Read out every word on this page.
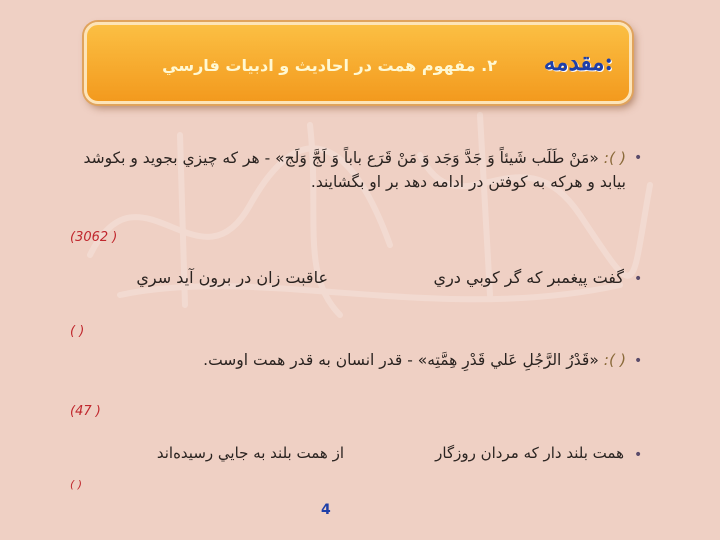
مقدمه:
۲. مفهوم همت در احاديث و ادبيات فارسي
•
( ): «مَنْ طَلَب شَيئاً وَ جَدَّ وَجَد وَ مَنْ قَرَع باباً وَ لَجَّ وَلَج» - هر كه چيزي بجويد و بكوشد بيابد و هركه به كوفتن در ادامه دهد بر او بگشايند.
(3062 )
•
گفت پيغمبر كه گر كوبي دري
عاقبت زان در برون آيد سري
( )
•
( ): «قَدْرُ الرَّجُلِ عَلي قَدْرِ هِمَّتِه» - قدر انسان به قدر همت اوست.
(47 )
•
همت بلند دار كه مردان روزگار
از همت بلند به جايي رسيده‌اند
( )
4
